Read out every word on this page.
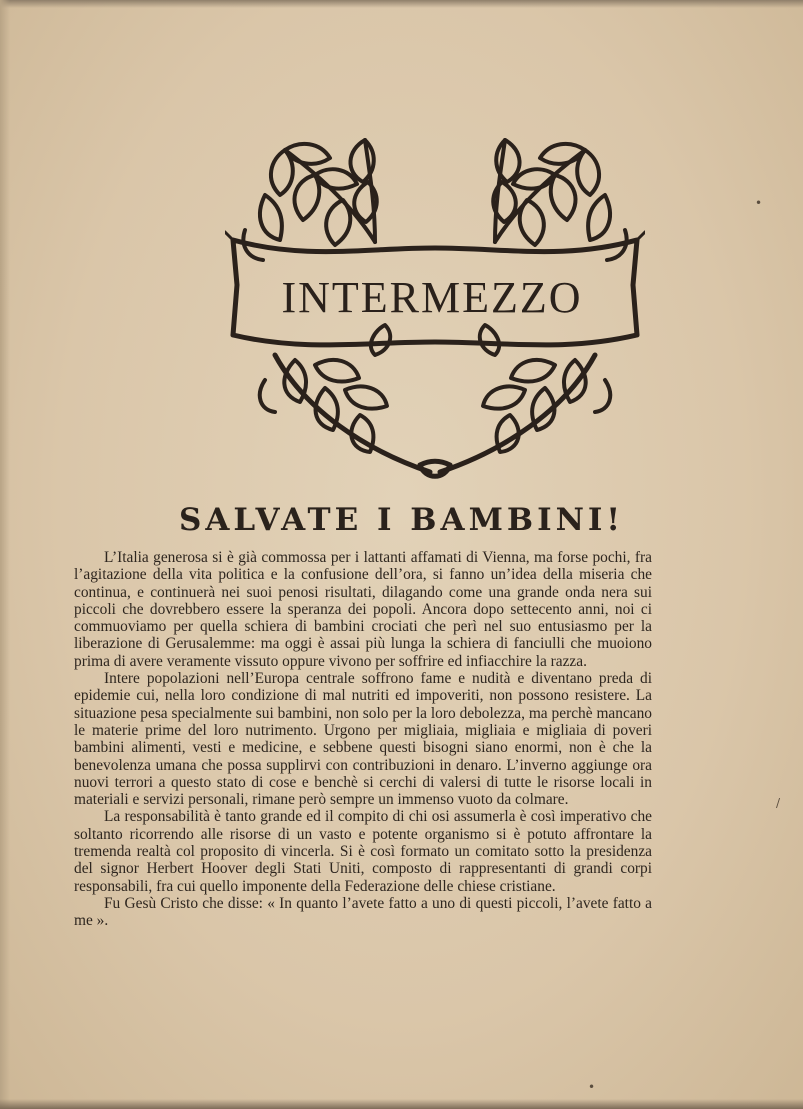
INTERMEZZO
SALVATE I BAMBINI!

L’Italia generosa si è già commossa per i lattanti affamati di Vienna, ma forse pochi, fra l’agitazione della vita politica e la confusione dell’ora, si fanno un’idea della miseria che continua, e continuerà nei suoi penosi risultati, dilagando come una grande onda nera sui piccoli che dovrebbero essere la speranza dei popoli. Ancora dopo settecento anni, noi ci commuoviamo per quella schiera di bambini crociati che perì nel suo entusiasmo per la liberazione di Gerusalemme: ma oggi è assai più lunga la schiera di fanciulli che muoiono prima di avere veramente vissuto oppure vivono per soffrire ed infiacchire la razza.

Intere popolazioni nell’Europa centrale soffrono fame e nudità e diventano preda di epidemie cui, nella loro condizione di mal nutriti ed impoveriti, non possono resistere. La situazione pesa specialmente sui bambini, non solo per la loro debolezza, ma perchè mancano le materie prime del loro nutrimento. Urgono per migliaia, migliaia e migliaia di poveri bambini alimenti, vesti e medicine, e sebbene questi bisogni siano enormi, non è che la benevolenza umana che possa supplirvi con contribuzioni in denaro. L’inverno aggiunge ora nuovi terrori a questo stato di cose e benchè si cerchi di valersi di tutte le risorse locali in materiali e servizi personali, rimane però sempre un immenso vuoto da colmare.

La responsabilità è tanto grande ed il compito di chi osi assumerla è così imperativo che soltanto ricorrendo alle risorse di un vasto e potente organismo si è potuto affrontare la tremenda realtà col proposito di vincerla. Si è così formato un comitato sotto la presidenza del signor Herbert Hoover degli Stati Uniti, composto di rappresentanti di grandi corpi responsabili, fra cui quello imponente della Federazione delle chiese cristiane.

Fu Gesù Cristo che disse: « In quanto l’avete fatto a uno di questi piccoli, l’avete fatto a me ».

•
/
•
